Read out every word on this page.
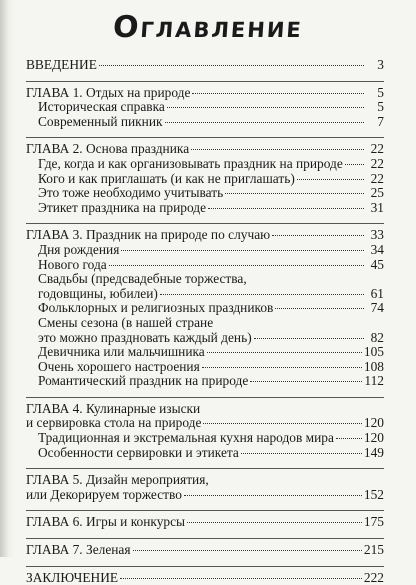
Оглавление
ВВЕДЕНИЕ	3
ГЛАВА 1. Отдых на природе	5
Историческая справка	5
Современный пикник	7
ГЛАВА 2. Основа праздника	22
Где, когда и как организовывать праздник на природе	22
Кого и как приглашать (и как не приглашать)	22
Это тоже необходимо учитывать	25
Этикет праздника на природе	31
ГЛАВА 3. Праздник на природе по случаю	33
Дня рождения	34
Нового года	45
Свадьбы (предсвадебные торжества,
годовщины, юбилеи)	61
Фольклорных и религиозных праздников	74
Смены сезона (в нашей стране
это можно праздновать каждый день)	82
Девичника или мальчишника	105
Очень хорошего настроения	108
Романтический праздник на природе	112
ГЛАВА 4. Кулинарные изыски
и сервировка стола на природе	120
Традиционная и экстремальная кухня народов мира 120
Особенности сервировки и этикета	149
ГЛАВА 5. Дизайн мероприятия,
или Декорируем торжество	152
ГЛАВА 6. Игры и конкурсы	175
ГЛАВА 7. Зеленая	215
ЗАКЛЮЧЕНИЕ	222
